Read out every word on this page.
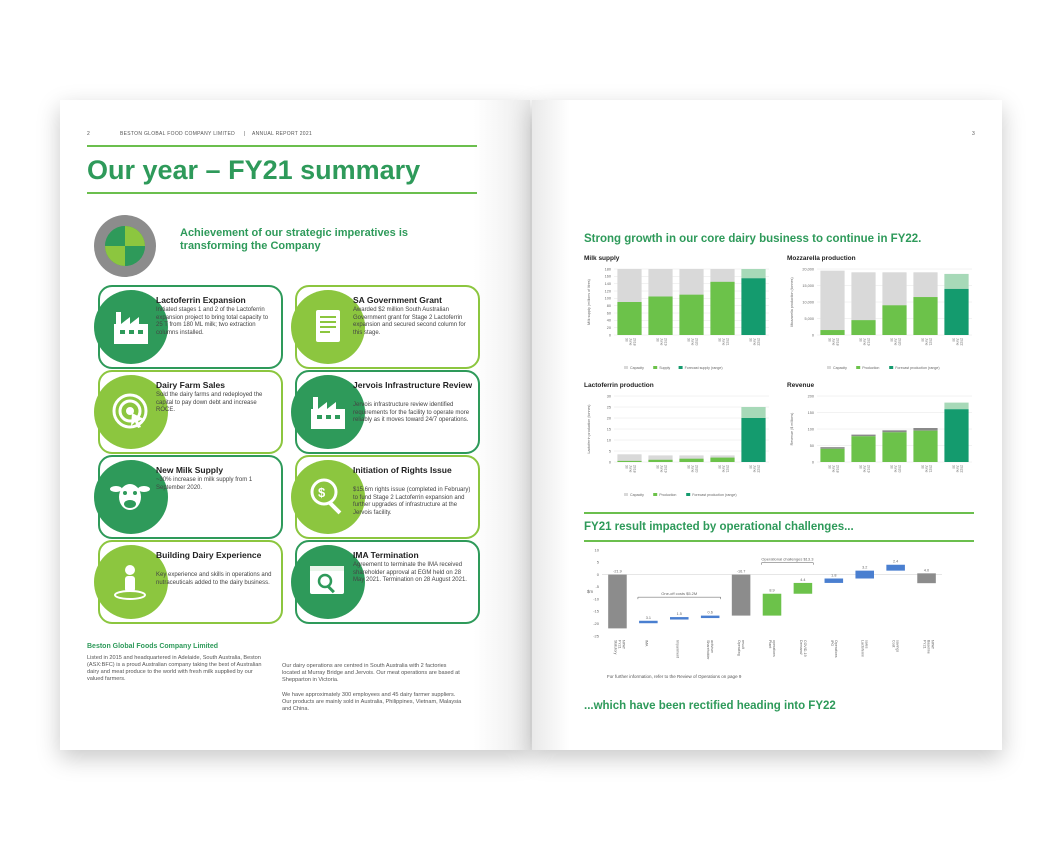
2	BESTON GLOBAL FOOD COMPANY LIMITED | ANNUAL REPORT 2021
Our year – FY21 summary
Achievement of our strategic imperatives is transforming the Company
Lactoferrin Expansion
Initiated stages 1 and 2 of the Lactoferrin expansion project to bring total capacity to 25 T from 180 ML milk; two extraction columns installed.
SA Government Grant
Awarded $2 million South Australian Government grant for Stage 2 Lactoferrin expansion and secured second column for this stage.
Dairy Farm Sales
Sold the dairy farms and redeployed the capital to pay down debt and increase ROCE.
Jervois Infrastructure Review
Jervois infrastructure review identified requirements for the facility to operate more reliably as it moves toward 24/7 operations.
New Milk Supply
~30% increase in milk supply from 1 September 2020.	$
Initiation of Rights Issue
$15.6m rights issue (completed in February) to fund Stage 2 Lactoferrin expansion and further upgrades of infrastructure at the Jervois facility.
Building Dairy Experience
Key experience and skills in operations and nutraceuticals added to the dairy business.
IMA Termination
Agreement to terminate the IMA received shareholder approval at EGM held on 28 May 2021. Termination on 28 August 2021.
Beston Global Foods Company Limited
Listed in 2015 and headquartered in Adelaide, South Australia, Beston (ASX:BFC) is a proud Australian company taking the best of Australian dairy and meat produce to the world with fresh milk supplied by our valued farmers.
Our dairy operations are centred in South Australia with 2 factories located at Murray Bridge and Jervois. Our meat operations are based at Shepparton in Victoria.
We have approximately 300 employees and 45 dairy farmer suppliers. Our products are mainly sold in Australia, Philippines, Vietnam, Malaysia and China.
3
Strong growth in our core dairy business to continue in FY22.
Milk supply
Milk supply (millions of litres)
180
160
140
120
100
80
60
40
20
0
30 June 2018	30 June 2019	30 June 2020	30 June 2021	30 June 2022
Capacity	Supply	Forecast supply (range)
Mozzarella production
Mozzarella production (tonnes)
20,000
15,000
10,000
5,000
0
30 June 2018	30 June 2019	30 June 2020	30 June 2021	30 June 2022
Capacity	Production	Forecast production (range)
Lactoferrin production
Lactoferrin production (tonnes)
30
25
20
15
10
5
0
30 June 2018	30 June 2019	30 June 2020	30 June 2021	30 June 2022
Capacity	Production	Forecast production (range)
Revenue
Revenue ($ millions)
200
150
100
50
0
30 June 2018	30 June 2019	30 June 2020	30 June 2021	30 June 2022
$m
10
5
0
-5
-10
-15
-20
-25
-21.9
Statutory FY21 NPAT
3.1
IMA
1.5
Impairment
0.6
Shareholder activism
-16.7
Operating result
8.9
Plant operations
4.4
Demand/ COVID-19
1.8
IPG Operations
3.2
Lactoferrin sales
2.4
Cost savings
4.0
FY21 Baseline NPAT
One-off costs $5.2M
Operational challenges $13.3
FY21 result impacted by operational challenges...
For further information, refer to the Review of Operations on page 9
...which have been rectified heading into FY22
